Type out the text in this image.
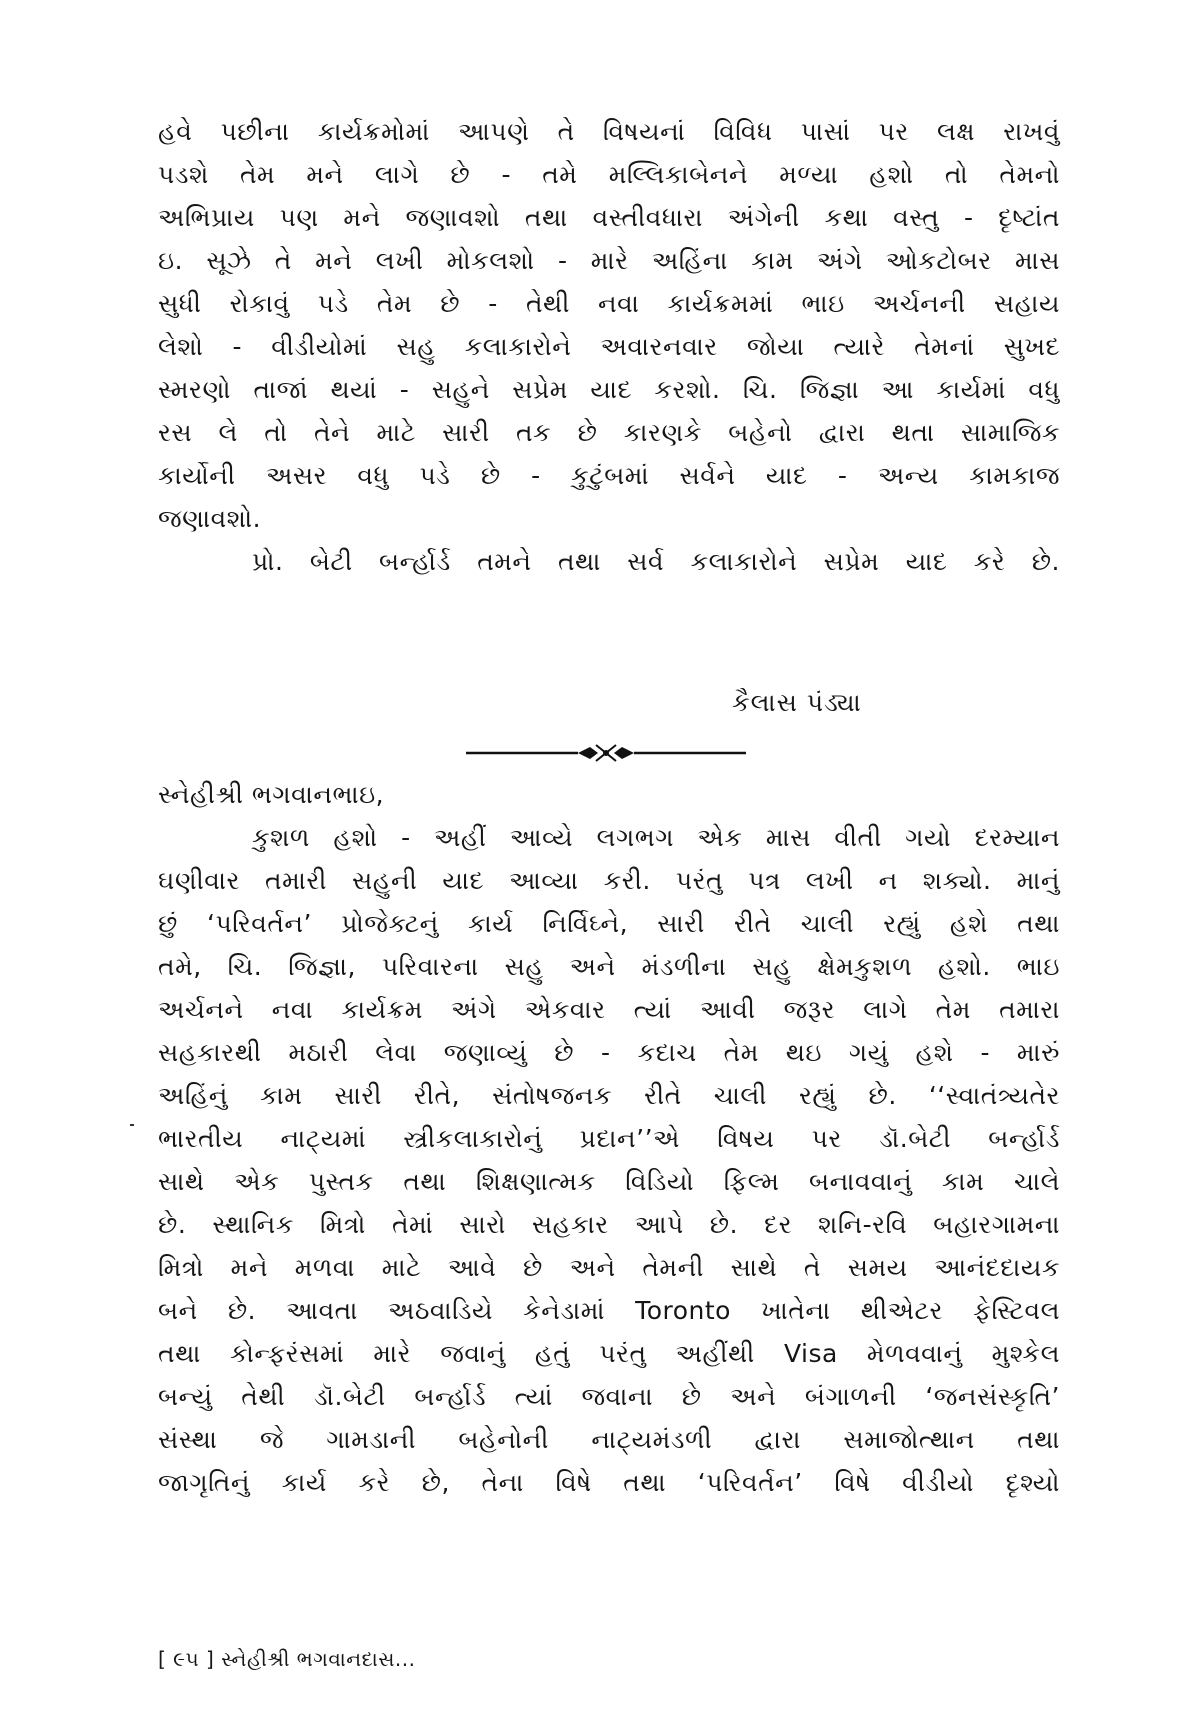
હવે પછીના કાર્યક્રમોમાં આપણે તે વિષયનાં વિવિધ પાસાં પર લક્ષ રાખવું
પડશે તેમ મને લાગે છે - તમે મલ્લિકાબેનને મળ્યા હશો તો તેમનો
અભિપ્રાય પણ મને જણાવશો તથા વસ્તીવધારા અંગેની કથા વસ્તુ - દૃષ્ટાંત
ઇ. સૂઝે તે મને લખી મોકલશો - મારે અહિંના કામ અંગે ઓકટોબર માસ
સુધી રોકાવું પડે તેમ છે - તેથી નવા કાર્યક્રમમાં ભાઇ અર્ચનની સહાય
લેશો - વીડીયોમાં સહુ કલાકારોને અવારનવાર જોયા ત્યારે તેમનાં સુખદ
સ્મરણો તાજાં થયાં - સહુને સપ્રેમ યાદ કરશો. ચિ. જિજ્ઞા આ કાર્યમાં વધુ
રસ લે તો તેને માટે સારી તક છે કારણકે બહેનો દ્વારા થતા સામાજિક
કાર્યોની અસર વધુ પડે છે - કુટુંબમાં સર્વને યાદ - અન્ય કામકાજ
જણાવશો.
પ્રો. બેટી બર્ન્હાર્ડ તમને તથા સર્વ કલાકારોને સપ્રેમ યાદ કરે છે.
કૈલાસ પંડ્યા
સ્નેહીશ્રી ભગવાનભાઇ,
કુશળ હશો - અહીં આવ્યે લગભગ એક માસ વીતી ગયો દરમ્યાન
ઘણીવાર તમારી સહુની યાદ આવ્યા કરી. પરંતુ પત્ર લખી ન શક્યો. માનું
છું ‘પરિવર્તન’ પ્રોજેક્ટનું કાર્ય નિર્વિઘ્ને, સારી રીતે ચાલી રહ્યું હશે તથા
તમે, ચિ. જિજ્ઞા, પરિવારના સહુ અને મંડળીના સહુ ક્ષેમકુશળ હશો. ભાઇ
અર્ચનને નવા કાર્યક્રમ અંગે એકવાર ત્યાં આવી જરૂર લાગે તેમ તમારા
સહકારથી મઠારી લેવા જણાવ્યું છે - કદાચ તેમ થઇ ગયું હશે - મારું
અહિંનું કામ સારી રીતે, સંતોષજનક રીતે ચાલી રહ્યું છે. ‘‘સ્વાતંત્ર્યતેર
ભારતીય નાટ્યમાં સ્ત્રીકલાકારોનું પ્રદાન’’એ વિષય પર ડૉ.બેટી બર્ન્હાર્ડ
સાથે એક પુસ્તક તથા શિક્ષણાત્મક વિડિયો ફિલ્મ બનાવવાનું કામ ચાલે
છે. સ્થાનિક મિત્રો તેમાં સારો સહકાર આપે છે. દર શનિ-રવિ બહારગામના
મિત્રો મને મળવા માટે આવે છે અને તેમની સાથે તે સમય આનંદદાયક
બને છે. આવતા અઠવાડિયે કેનેડામાં Toronto ખાતેના થીએટર ફેસ્ટિવલ
તથા કોન્ફરંસમાં મારે જવાનું હતું પરંતુ અહીંથી Visa મેળવવાનું મુશ્કેલ
બન્યું તેથી ડૉ.બેટી બર્ન્હાર્ડ ત્યાં જવાના છે અને બંગાળની ‘જનસંસ્કૃતિ’
સંસ્થા જે ગામડાની બહેનોની નાટ્યમંડળી દ્વારા સમાજોત્થાન તથા
જાગૃતિનું કાર્ય કરે છે, તેના વિષે તથા ‘પરિવર્તન’ વિષે વીડીયો દૃશ્યો
[ ૯૫ ] સ્નેહીશ્રી ભગવાનદાસ...
